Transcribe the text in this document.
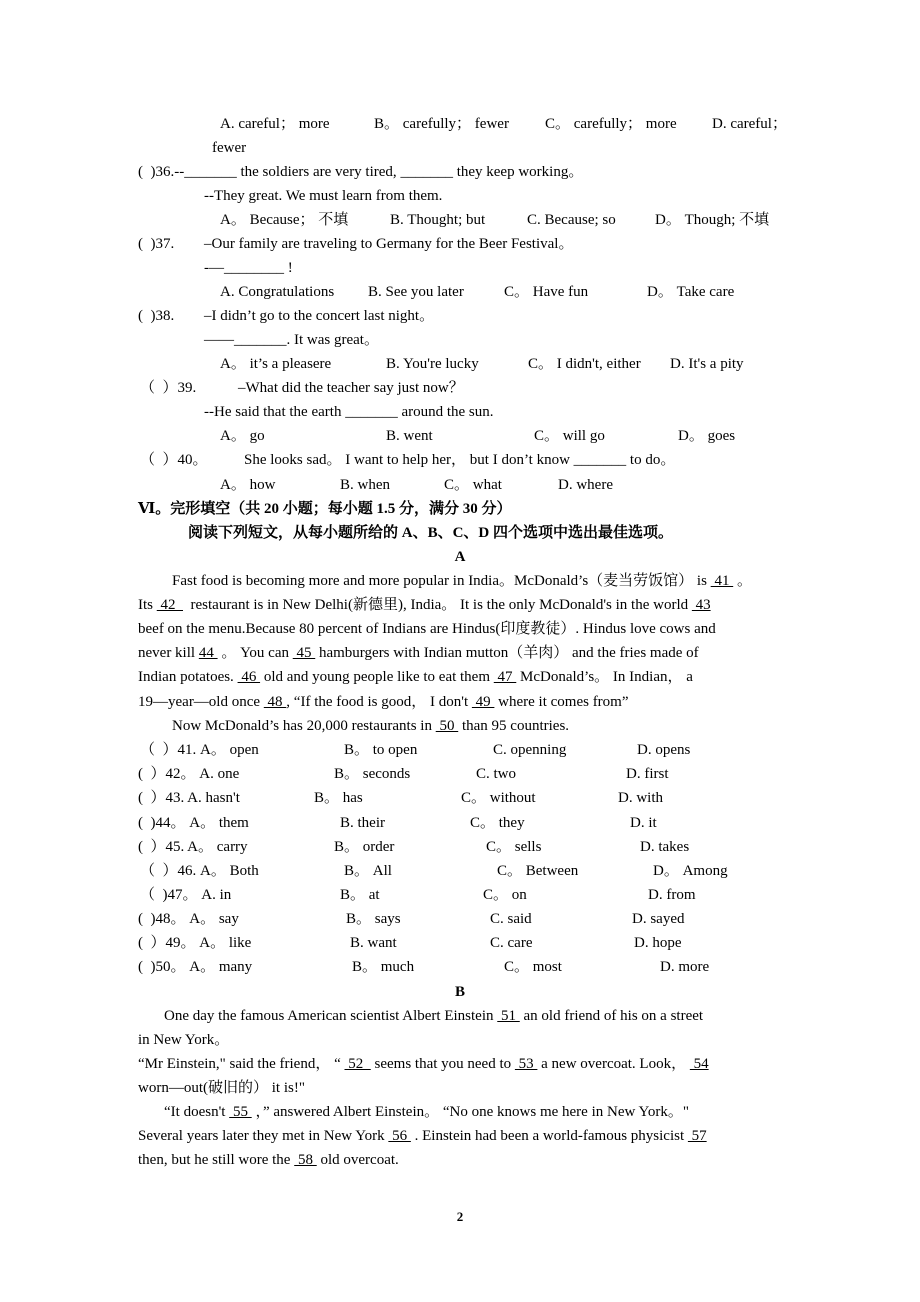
A. careful； more

	B。 carefully； fewer

C。 carefully； more

D. careful；

fewer

(  )36.--_______ the soldiers are very tired, _______ they keep working。

--They great. We must learn from them.

A。 Because； 不填

	B. Thought; but

	C. Because; so

	D。 Though; 不填

(  )37.

–Our family are traveling to Germany for the Beer Festival。

-—________ !

A. Congratulations

B. See you later

	C。 Have fun

	D。 Take care

(  )38.

–I didn’t go to the concert last night。

——_______. It was great。

A。 it’s a pleasere

	B. You're lucky

	C。 I didn't, either

D. It's a pity

（  ）39.

	–What did the teacher say just now？

--He said that the earth _______ around the sun.

A。 go

	B. went

	C。 will go

	D。 goes

（  ）40。

She looks sad。 I want to help her， but I don’t know _______ to do。

A。 how

	B. when

	C。 what

	D. where

Ⅵ。完形填空（共 20 小题；每小题 1.5 分，满分 30 分）

阅读下列短文，从每小题所给的 A、B、C、D 四个选项中选出最佳选项。

A

Fast food is becoming more and more popular in India。McDonald’s（麦当劳饭馆） is  41  。

Its  42    restaurant is in New Delhi(新德里), India。 It is the only McDonald's in the world  43

beef on the menu.Because 80 percent of Indians are Hindus(印度教徒）. Hindus love cows and

never kill 44  。 You can  45  hamburgers with Indian mutton（羊肉） and the fries made of

Indian potatoes.  46  old and young people like to eat them  47  McDonald’s。 In Indian， a

19—year—old once  48 , “If the food is good， I don't  49  where it comes from”

Now McDonald’s has 20,000 restaurants in  50  than 95 countries.

（  ）41. A。 open	B。 to open	C. openning	D. opens
(  ）42。 A. one	B。 seconds	C. two	D. first
(  ）43. A. hasn't	B。 has	C。 without	D. with
(  )44。 A。 them	B. their	C。 they	D. it
(  ）45. A。 carry	B。 order	C。 sells	D. takes
（  ）46. A。 Both	B。 All	C。 Between	D。 Among
（  )47。 A. in	B。 at	C。 on	D. from
(  )48。 A。 say	B。 says	C. said	D. sayed
(  ）49。 A。 like	B. want	C. care	D. hope
(  )50。 A。 many	B。 much	C。 most	D. more
B

One day the famous American scientist Albert Einstein  51  an old friend of his on a street

in New York。

“Mr Einstein," said the friend， “  52   seems that you need to  53  a new overcoat. Look，  54

worn—out(破旧的） it is!"

“It doesn't  55  ，” answered Albert Einstein。 “No one knows me here in New York。"

Several years later they met in New York  56  . Einstein had been a world-famous physicist  57

then, but he still wore the  58  old overcoat.

2
